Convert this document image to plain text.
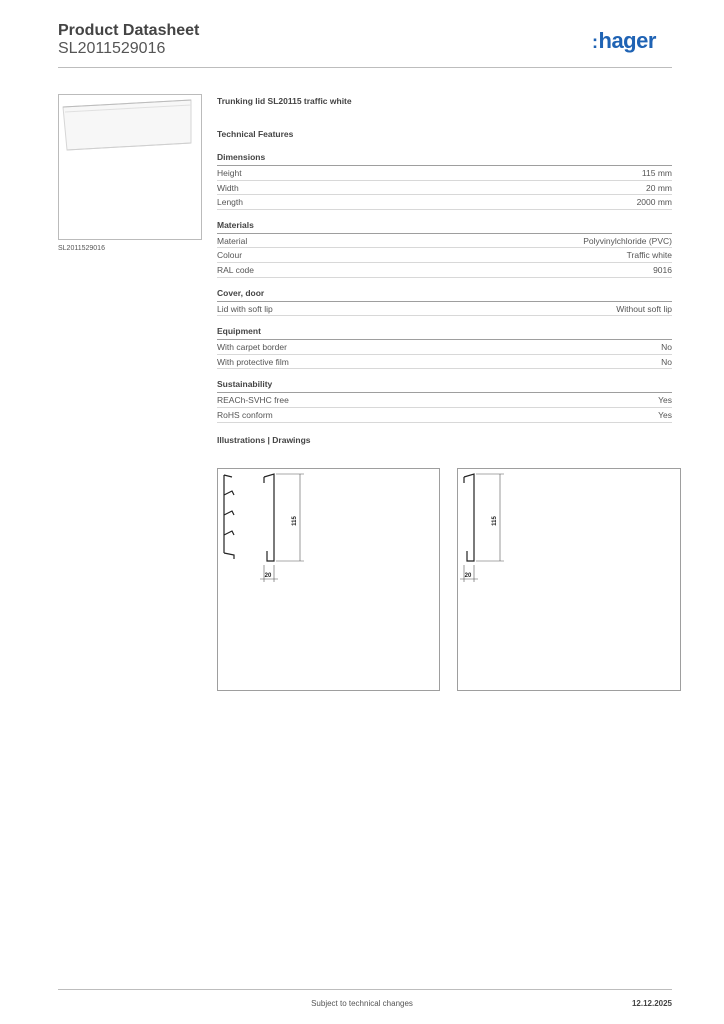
Product Datasheet
SL2011529016	:hager
SL2011529016
Trunking lid SL20115 traffic white
Technical Features
Dimensions
Height	115 mm
Width	20 mm
Length	2000 mm
Materials
Material	Polyvinylchloride (PVC)
Colour	Traffic white
RAL code	9016
Cover, door
Lid with soft lip	Without soft lip
Equipment
With carpet border	No
With protective film	No
Sustainability
REACh-SVHC free	Yes
RoHS conform	Yes
Illustrations | Drawings
115
20
115
20
Subject to technical changes	12.12.2025
